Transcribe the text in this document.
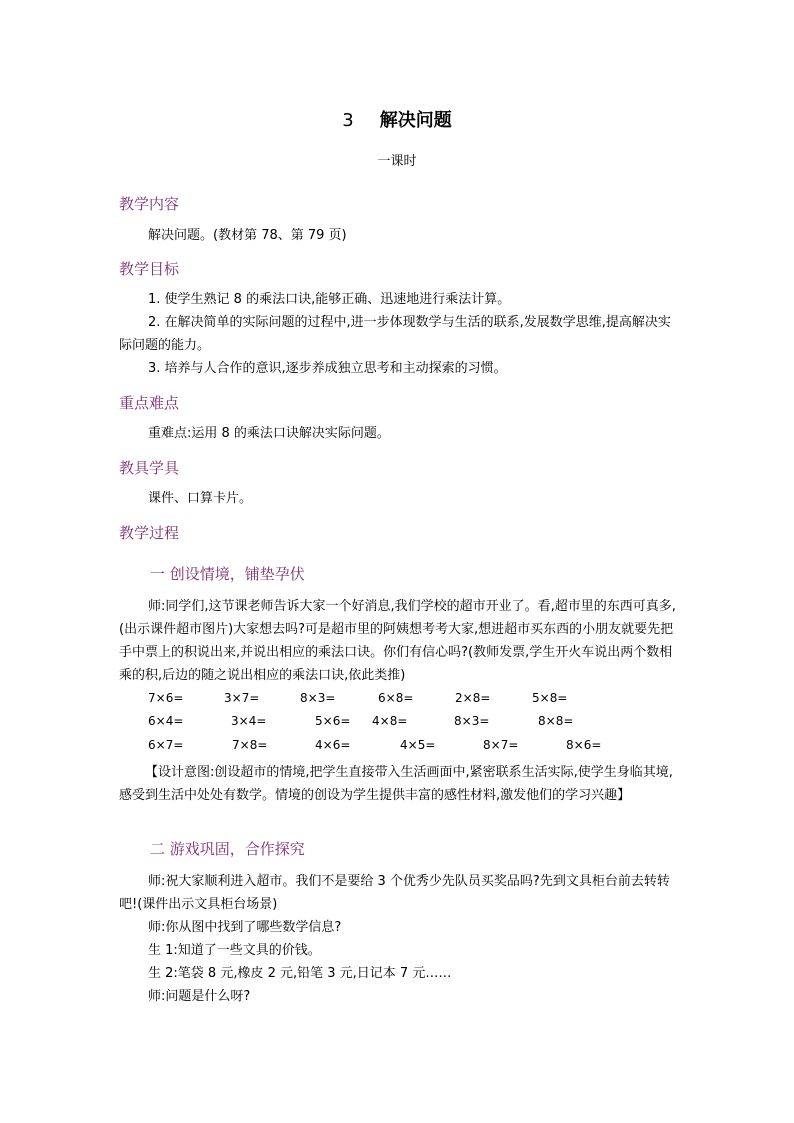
3 解决问题
一课时
教学内容
解决问题。(教材第 78、第 79 页)
教学目标
1. 使学生熟记 8 的乘法口诀,能够正确、迅速地进行乘法计算。
2. 在解决简单的实际问题的过程中,进一步体现数学与生活的联系,发展数学思维,提高解决实际问题的能力。
3. 培养与人合作的意识,逐步养成独立思考和主动探索的习惯。
重点难点
重难点:运用 8 的乘法口诀解决实际问题。
教具学具
课件、口算卡片。
教学过程
一 创设情境，铺垫孕伏
师:同学们,这节课老师告诉大家一个好消息,我们学校的超市开业了。看,超市里的东西可真多,(出示课件超市图片)大家想去吗?可是超市里的阿姨想考考大家,想进超市买东西的小朋友就要先把手中票上的积说出来,并说出相应的乘法口诀。你们有信心吗?(教师发票,学生开火车说出两个数相乘的积,后边的随之说出相应的乘法口诀,依此类推)
7×6=	3×7=	8×3=	6×8=	2×8=	5×8=
6×4=	3×4=	5×6= 4×8=	8×3=	8×8=
6×7=	7×8=	4×6=	4×5=	8×7=	8×6=
【设计意图:创设超市的情境,把学生直接带入生活画面中,紧密联系生活实际,使学生身临其境,感受到生活中处处有数学。情境的创设为学生提供丰富的感性材料,激发他们的学习兴趣】
二 游戏巩固，合作探究
师:祝大家顺利进入超市。我们不是要给 3 个优秀少先队员买奖品吗?先到文具柜台前去转转吧!(课件出示文具柜台场景)
师:你从图中找到了哪些数学信息?
生 1:知道了一些文具的价钱。
生 2:笔袋 8 元,橡皮 2 元,铅笔 3 元,日记本 7 元……
师:问题是什么呀?
